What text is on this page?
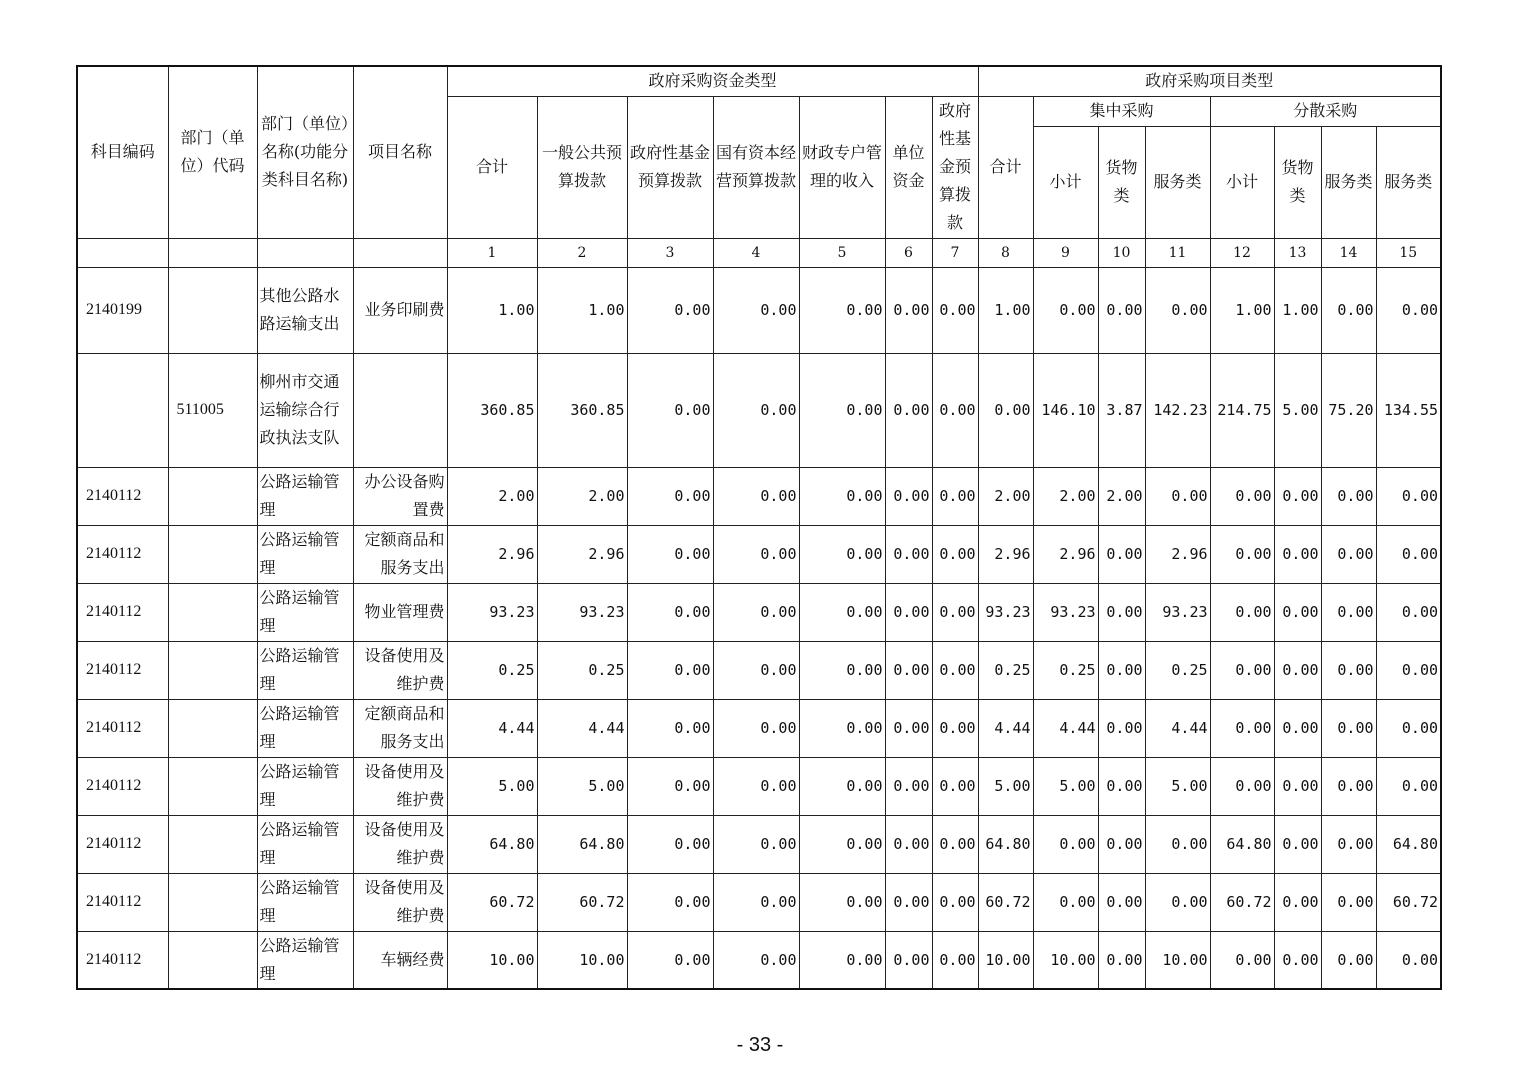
科目编码	部门（单位）代码	部门（单位）名称(功能分类科目名称)	项目名称	政府采购资金类型							政府采购项目类型							
				合计	一般公共预算拨款	政府性基金预算拨款	国有资本经营预算拨款	财政专户管理的收入	单位资金	政府性基金预算拨款	合计	集中采购			分散采购			
												小计	货物类	服务类	小计	货物类	服务类	服务类
				1	2	3	4	5	6	7	8	9	10	11	12	13	14	15
2140199		其他公路水路运输支出	业务印刷费	1.00	1.00	0.00	0.00	0.00	0.00	0.00	1.00	0.00	0.00	0.00	1.00	1.00	0.00	0.00
	511005	柳州市交通运输综合行政执法支队		360.85	360.85	0.00	0.00	0.00	0.00	0.00	0.00	146.10	3.87	142.23	214.75	5.00	75.20	134.55
2140112		公路运输管理	办公设备购置费	2.00	2.00	0.00	0.00	0.00	0.00	0.00	2.00	2.00	2.00	0.00	0.00	0.00	0.00	0.00
2140112		公路运输管理	定额商品和服务支出	2.96	2.96	0.00	0.00	0.00	0.00	0.00	2.96	2.96	0.00	2.96	0.00	0.00	0.00	0.00
2140112		公路运输管理	物业管理费	93.23	93.23	0.00	0.00	0.00	0.00	0.00	93.23	93.23	0.00	93.23	0.00	0.00	0.00	0.00
2140112		公路运输管理	设备使用及维护费	0.25	0.25	0.00	0.00	0.00	0.00	0.00	0.25	0.25	0.00	0.25	0.00	0.00	0.00	0.00
2140112		公路运输管理	定额商品和服务支出	4.44	4.44	0.00	0.00	0.00	0.00	0.00	4.44	4.44	0.00	4.44	0.00	0.00	0.00	0.00
2140112		公路运输管理	设备使用及维护费	5.00	5.00	0.00	0.00	0.00	0.00	0.00	5.00	5.00	0.00	5.00	0.00	0.00	0.00	0.00
2140112		公路运输管理	设备使用及维护费	64.80	64.80	0.00	0.00	0.00	0.00	0.00	64.80	0.00	0.00	0.00	64.80	0.00	0.00	64.80
2140112		公路运输管理	设备使用及维护费	60.72	60.72	0.00	0.00	0.00	0.00	0.00	60.72	0.00	0.00	0.00	60.72	0.00	0.00	60.72
2140112		公路运输管理	车辆经费	10.00	10.00	0.00	0.00	0.00	0.00	0.00	10.00	10.00	0.00	10.00	0.00	0.00	0.00	0.00
- 33 -
